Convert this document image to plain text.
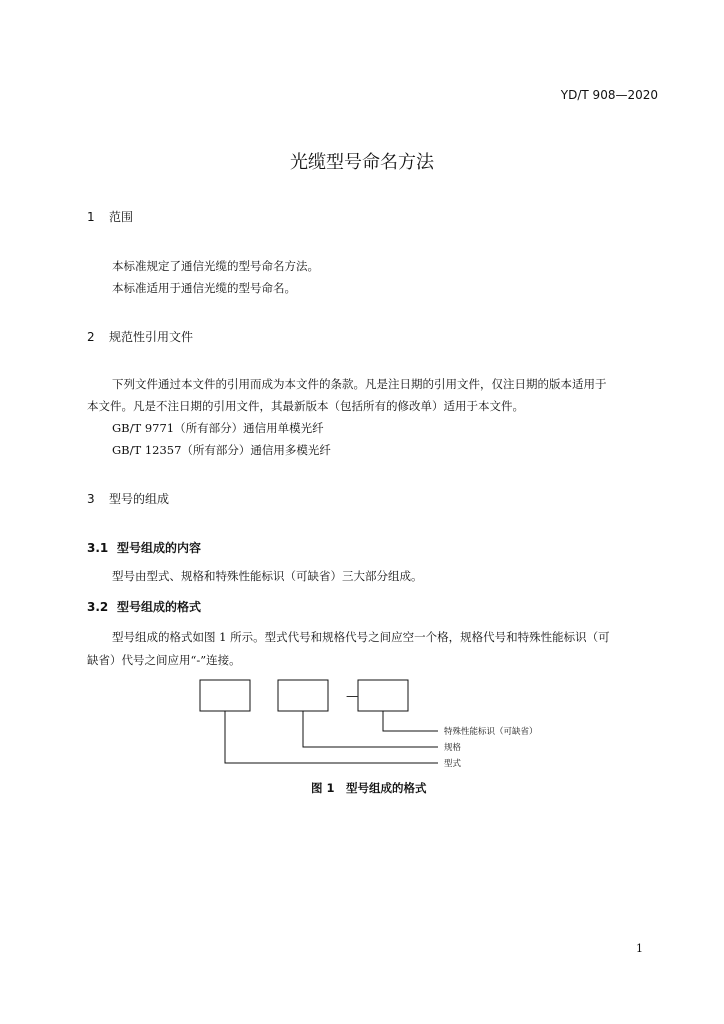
YD/T 908—2020
光缆型号命名方法
1 范围
本标准规定了通信光缆的型号命名方法。
本标准适用于通信光缆的型号命名。
2 规范性引用文件
下列文件通过本文件的引用而成为本文件的条款。凡是注日期的引用文件，仅注日期的版本适用于
本文件。凡是不注日期的引用文件，其最新版本（包括所有的修改单）适用于本文件。
GB/T 9771（所有部分）通信用单模光纤
GB/T 12357（所有部分）通信用多模光纤
3 型号的组成
3.1 型号组成的内容
型号由型式、规格和特殊性能标识（可缺省）三大部分组成。
3.2 型号组成的格式
型号组成的格式如图 1 所示。型式代号和规格代号之间应空一个格，规格代号和特殊性能标识（可
缺省）代号之间应用“-”连接。
—
特殊性能标识（可缺省）
规格
型式
图 1　型号组成的格式
1
